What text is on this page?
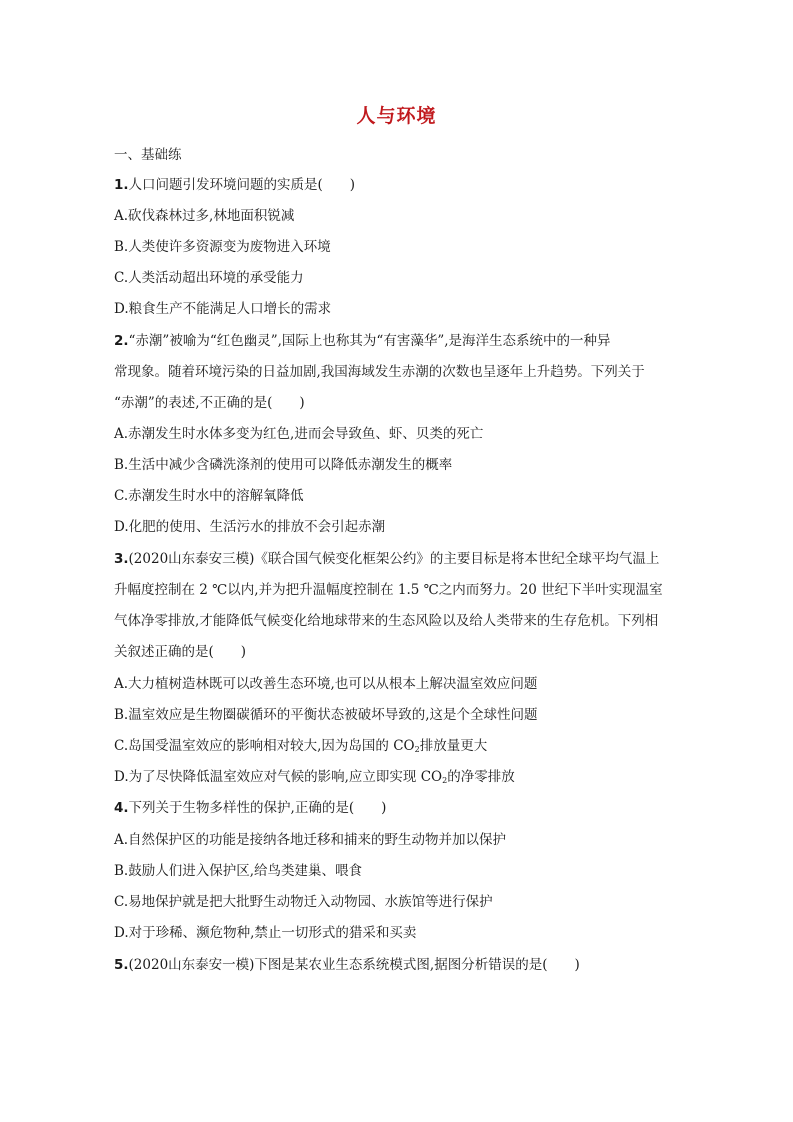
人与环境
一、基础练
1.人口问题引发环境问题的实质是(　　)
A.砍伐森林过多,林地面积锐减
B.人类使许多资源变为废物进入环境
C.人类活动超出环境的承受能力
D.粮食生产不能满足人口增长的需求
2.“赤潮”被喻为“红色幽灵”,国际上也称其为“有害藻华”,是海洋生态系统中的一种异
常现象。随着环境污染的日益加剧,我国海域发生赤潮的次数也呈逐年上升趋势。下列关于
“赤潮”的表述,不正确的是(　　)
A.赤潮发生时水体多变为红色,进而会导致鱼、虾、贝类的死亡
B.生活中减少含磷洗涤剂的使用可以降低赤潮发生的概率
C.赤潮发生时水中的溶解氧降低
D.化肥的使用、生活污水的排放不会引起赤潮
3.(2020山东泰安三模)《联合国气候变化框架公约》的主要目标是将本世纪全球平均气温上
升幅度控制在 2 ℃以内,并为把升温幅度控制在 1.5 ℃之内而努力。20 世纪下半叶实现温室
气体净零排放,才能降低气候变化给地球带来的生态风险以及给人类带来的生存危机。下列相
关叙述正确的是(　　)
A.大力植树造林既可以改善生态环境,也可以从根本上解决温室效应问题
B.温室效应是生物圈碳循环的平衡状态被破坏导致的,这是个全球性问题
C.岛国受温室效应的影响相对较大,因为岛国的 $CO_2$排放量更大
D.为了尽快降低温室效应对气候的影响,应立即实现 $CO_2$的净零排放
4.下列关于生物多样性的保护,正确的是(　　)
A.自然保护区的功能是接纳各地迁移和捕来的野生动物并加以保护
B.鼓励人们进入保护区,给鸟类建巢、喂食
C.易地保护就是把大批野生动物迁入动物园、水族馆等进行保护
D.对于珍稀、濒危物种,禁止一切形式的猎采和买卖
5.(2020山东泰安一模)下图是某农业生态系统模式图,据图分析错误的是(　　)
